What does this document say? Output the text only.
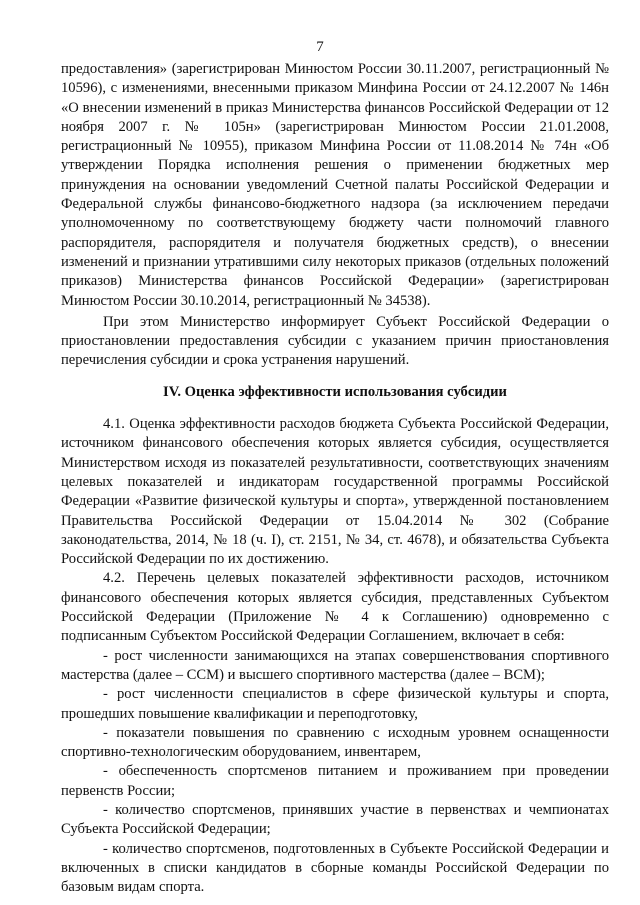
7

предоставления» (зарегистрирован Минюстом России 30.11.2007, регистрационный № 10596), с изменениями, внесенными приказом Минфина России от 24.12.2007 № 146н «О внесении изменений в приказ Министерства финансов Российской Федерации от 12 ноября 2007 г. № 105н» (зарегистрирован Минюстом России 21.01.2008, регистрационный № 10955), приказом Минфина России от 11.08.2014 № 74н «Об утверждении Порядка исполнения решения о применении бюджетных мер принуждения на основании уведомлений Счетной палаты Российской Федерации и Федеральной службы финансово-бюджетного надзора (за исключением передачи уполномоченному по соответствующему бюджету части полномочий главного распорядителя, распорядителя и получателя бюджетных средств), о внесении изменений и признании утратившими силу некоторых приказов (отдельных положений приказов) Министерства финансов Российской Федерации» (зарегистрирован Минюстом России 30.10.2014, регистрационный № 34538).

При этом Министерство информирует Субъект Российской Федерации о приостановлении предоставления субсидии с указанием причин приостановления перечисления субсидии и срока устранения нарушений.

IV. Оценка эффективности использования субсидии

4.1. Оценка эффективности расходов бюджета Субъекта Российской Федерации, источником финансового обеспечения которых является субсидия, осуществляется Министерством исходя из показателей результативности, соответствующих значениям целевых показателей и индикаторам государственной программы Российской Федерации «Развитие физической культуры и спорта», утвержденной постановлением Правительства Российской Федерации от 15.04.2014 № 302 (Собрание законодательства, 2014, № 18 (ч. I), ст. 2151, № 34, ст. 4678), и обязательства Субъекта Российской Федерации по их достижению.

4.2. Перечень целевых показателей эффективности расходов, источником финансового обеспечения которых является субсидия, представленных Субъектом Российской Федерации (Приложение № 4 к Соглашению) одновременно с подписанным Субъектом Российской Федерации Соглашением, включает в себя:

- рост численности занимающихся на этапах совершенствования спортивного мастерства (далее – ССМ) и высшего спортивного мастерства (далее – ВСМ);

- рост численности специалистов в сфере физической культуры и спорта, прошедших повышение квалификации и переподготовку,

- показатели повышения по сравнению с исходным уровнем оснащенности спортивно-технологическим оборудованием, инвентарем,

- обеспеченность спортсменов питанием и проживанием при проведении первенств России;

- количество спортсменов, принявших участие в первенствах и чемпионатах Субъекта Российской Федерации;

- количество спортсменов, подготовленных в Субъекте Российской Федерации и включенных в списки кандидатов в сборные команды Российской Федерации по базовым видам спорта.
